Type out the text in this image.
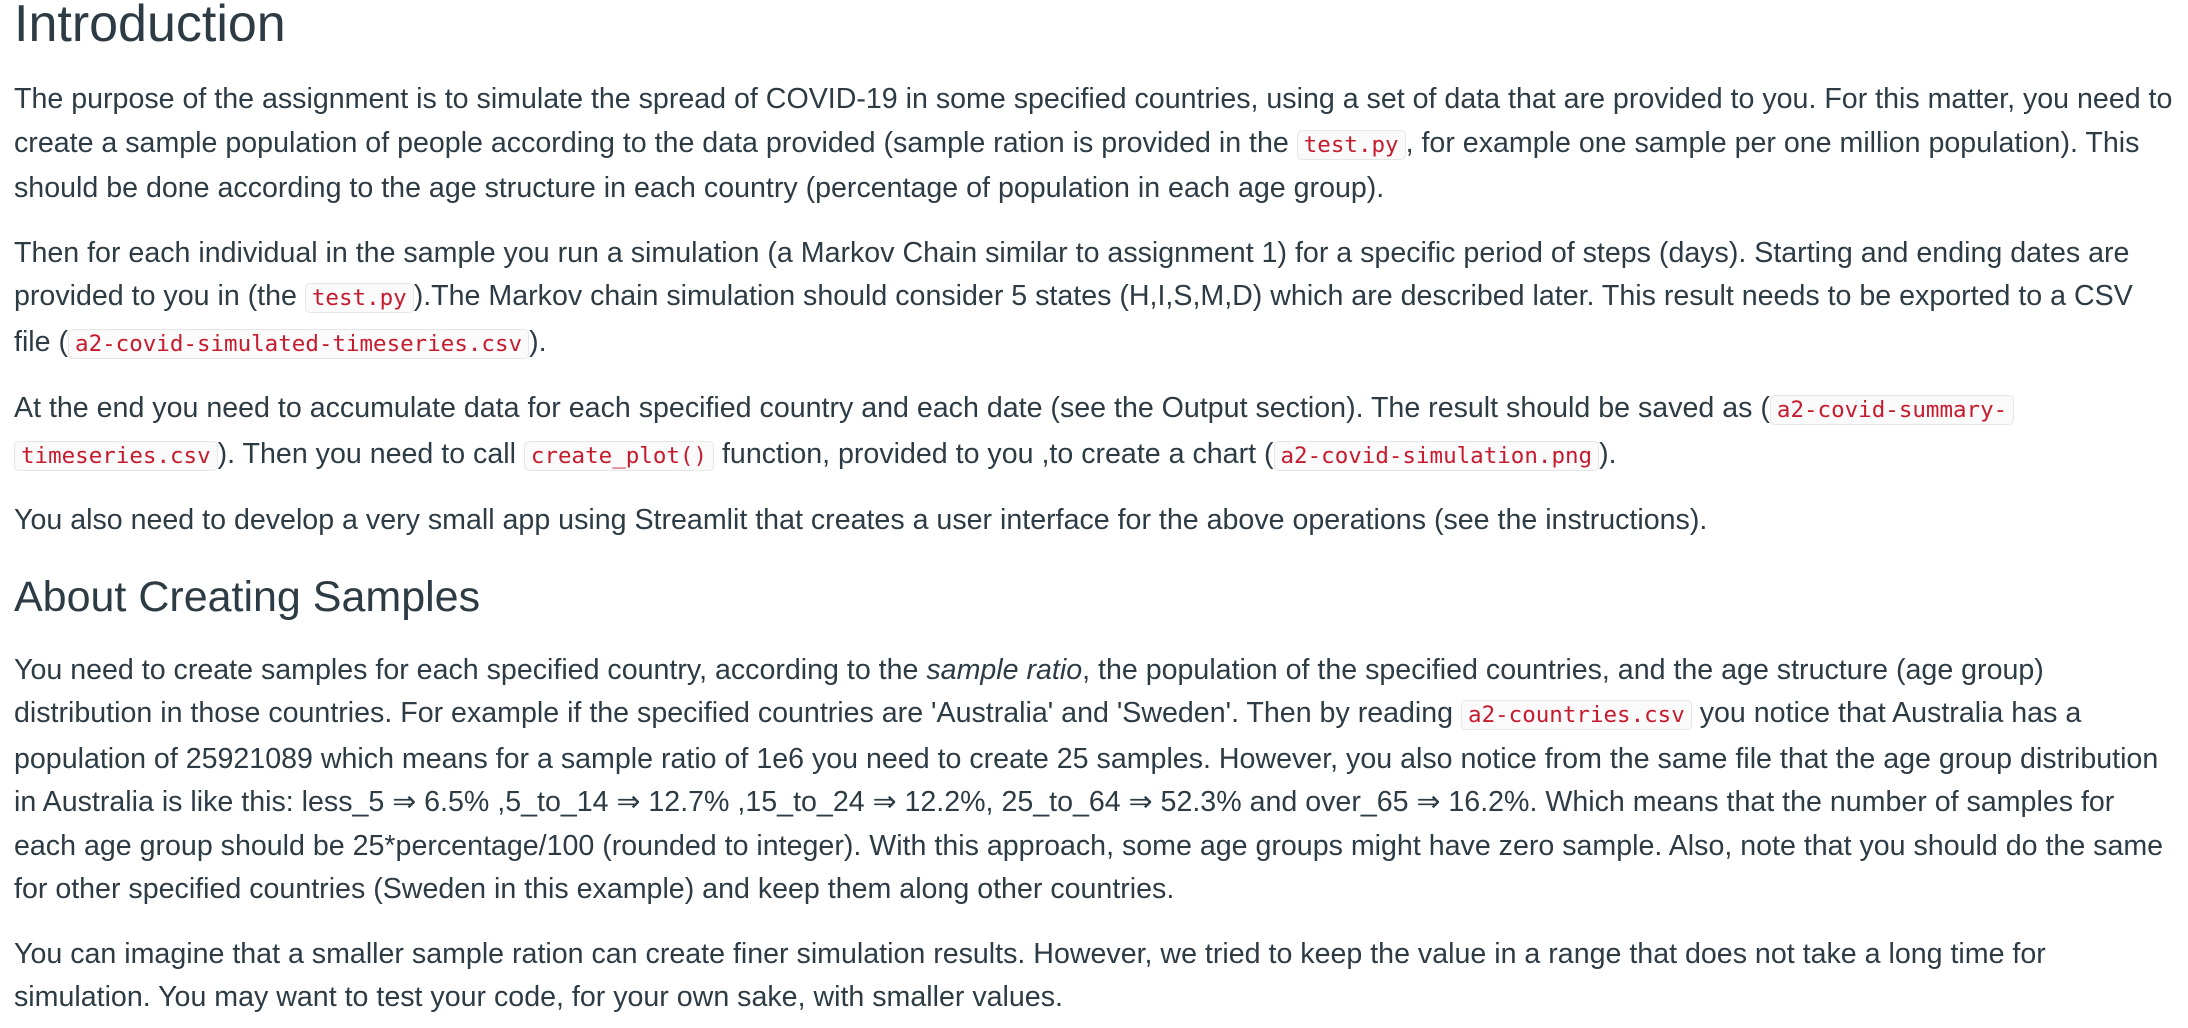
Introduction

The purpose of the assignment is to simulate the spread of COVID-19 in some specified countries, using a set of data that are provided to you. For this matter, you need to create a sample population of people according to the data provided (sample ration is provided in the test.py , for example one sample per one million population). This should be done according to the age structure in each country (percentage of population in each age group).

Then for each individual in the sample you run a simulation (a Markov Chain similar to assignment 1) for a specific period of steps (days). Starting and ending dates are provided to you in (the test.py ).The Markov chain simulation should consider 5 states (H,I,S,M,D) which are described later. This result needs to be exported to a CSV file ( a2-covid-simulated-timeseries.csv ).

At the end you need to accumulate data for each specified country and each date (see the Output section). The result should be saved as ( a2-covid-summary-
timeseries.csv ). Then you need to call create_plot() function, provided to you ,to create a chart ( a2-covid-simulation.png ).

You also need to develop a very small app using Streamlit that creates a user interface for the above operations (see the instructions).

About Creating Samples

You need to create samples for each specified country, according to the sample ratio, the population of the specified countries, and the age structure (age group) distribution in those countries. For example if the specified countries are 'Australia' and 'Sweden'. Then by reading a2-countries.csv you notice that Australia has a population of 25921089 which means for a sample ratio of 1e6 you need to create 25 samples. However, you also notice from the same file that the age group distribution in Australia is like this: less_5 ⇒ 6.5% ,5_to_14 ⇒ 12.7% ,15_to_24 ⇒ 12.2%, 25_to_64 ⇒ 52.3% and over_65 ⇒ 16.2%. Which means that the number of samples for each age group should be 25*percentage/100 (rounded to integer). With this approach, some age groups might have zero sample. Also, note that you should do the same for other specified countries (Sweden in this example) and keep them along other countries.

You can imagine that a smaller sample ration can create finer simulation results. However, we tried to keep the value in a range that does not take a long time for simulation. You may want to test your code, for your own sake, with smaller values.
